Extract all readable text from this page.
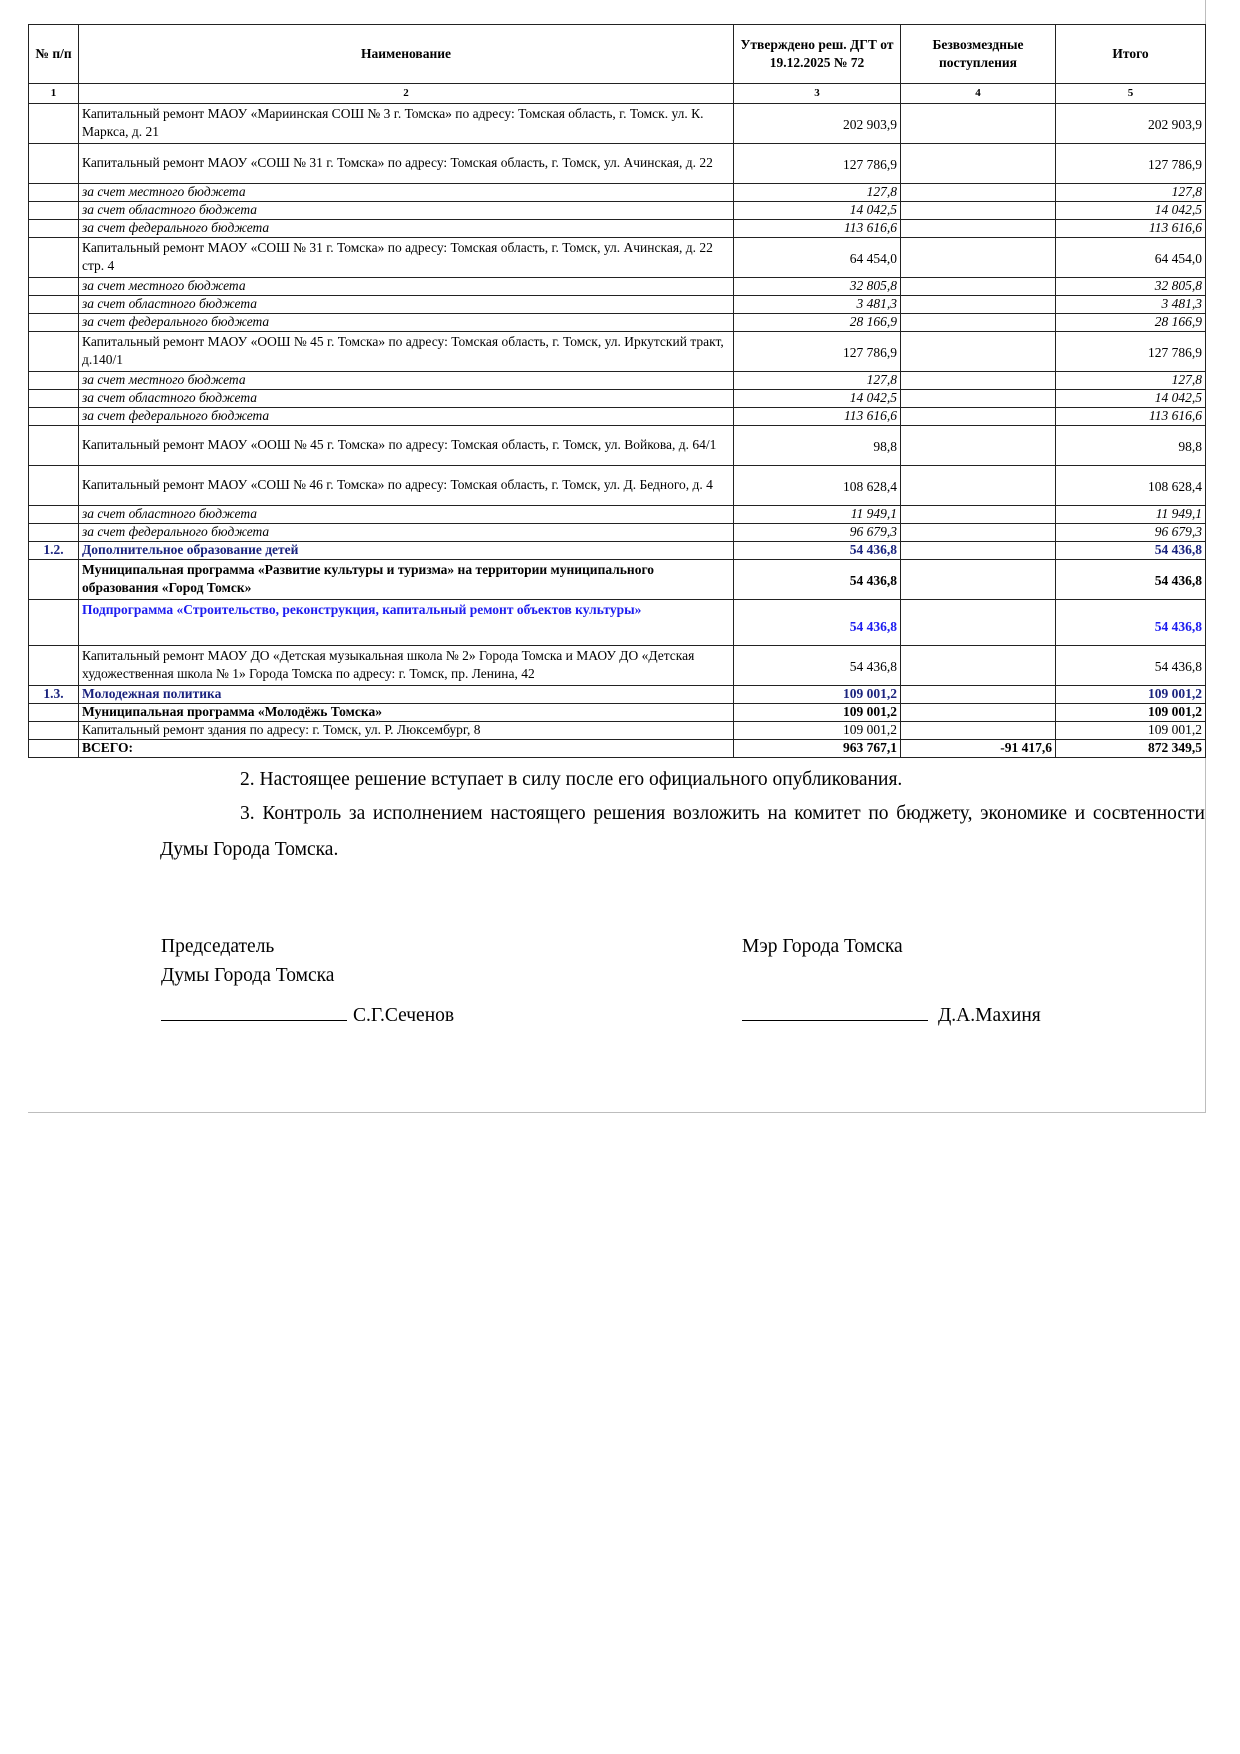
№ п/п	Наименование	Утверждено реш. ДГТ от 19.12.2025 № 72	Безвозмездные поступления	Итого
1	2	3	4	5
	Капитальный ремонт МАОУ «Мариинская СОШ № 3 г. Томска» по адресу: Томская область, г. Томск. ул. К. Маркса, д. 21	202 903,9		202 903,9
	Капитальный ремонт МАОУ «СОШ № 31 г. Томска» по адресу: Томская область, г. Томск, ул. Ачинская, д. 22	127 786,9		127 786,9
	за счет местного бюджета	127,8		127,8
	за счет областного бюджета	14 042,5		14 042,5
	за счет федерального бюджета	113 616,6		113 616,6
	Капитальный ремонт МАОУ «СОШ № 31 г. Томска» по адресу: Томская область, г. Томск, ул. Ачинская, д. 22 стр. 4	64 454,0		64 454,0
	за счет местного бюджета	32 805,8		32 805,8
	за счет областного бюджета	3 481,3		3 481,3
	за счет федерального бюджета	28 166,9		28 166,9
	Капитальный ремонт МАОУ «ООШ № 45 г. Томска» по адресу: Томская область, г. Томск, ул. Иркутский тракт, д.140/1	127 786,9		127 786,9
	за счет местного бюджета	127,8		127,8
	за счет областного бюджета	14 042,5		14 042,5
	за счет федерального бюджета	113 616,6		113 616,6
	Капитальный ремонт МАОУ «ООШ № 45 г. Томска» по адресу: Томская область, г. Томск, ул. Войкова, д. 64/1	98,8		98,8
	Капитальный ремонт МАОУ «СОШ № 46 г. Томска» по адресу: Томская область, г. Томск, ул. Д. Бедного, д. 4	108 628,4		108 628,4
	за счет областного бюджета	11 949,1		11 949,1
	за счет федерального бюджета	96 679,3		96 679,3
1.2.	Дополнительное образование детей	54 436,8		54 436,8
	Муниципальная программа «Развитие культуры и туризма» на территории муниципального образования «Город Томск»	54 436,8		54 436,8
	Подпрограмма «Строительство, реконструкция, капитальный ремонт объектов культуры»	54 436,8		54 436,8
	Капитальный ремонт МАОУ ДО «Детская музыкальная школа № 2» Города Томска и МАОУ ДО «Детская художественная школа № 1» Города Томска по адресу: г. Томск, пр. Ленина, 42	54 436,8		54 436,8
1.3.	Молодежная политика	109 001,2		109 001,2
	Муниципальная программа «Молодёжь Томска»	109 001,2		109 001,2
	Капитальный ремонт здания по адресу: г. Томск, ул. Р. Люксембург, 8	109 001,2		109 001,2
	ВСЕГО:	963 767,1	-91 417,6	872 349,5
2. Настоящее решение вступает в силу после его официального опубликования.
3. Контроль за исполнением настоящего решения возложить на комитет по бюджету, экономике и сосвтенности Думы Города Томска.
Председатель
Думы Города Томска
С.Г.Сеченов
Мэр Города Томска
Д.А.Махиня
